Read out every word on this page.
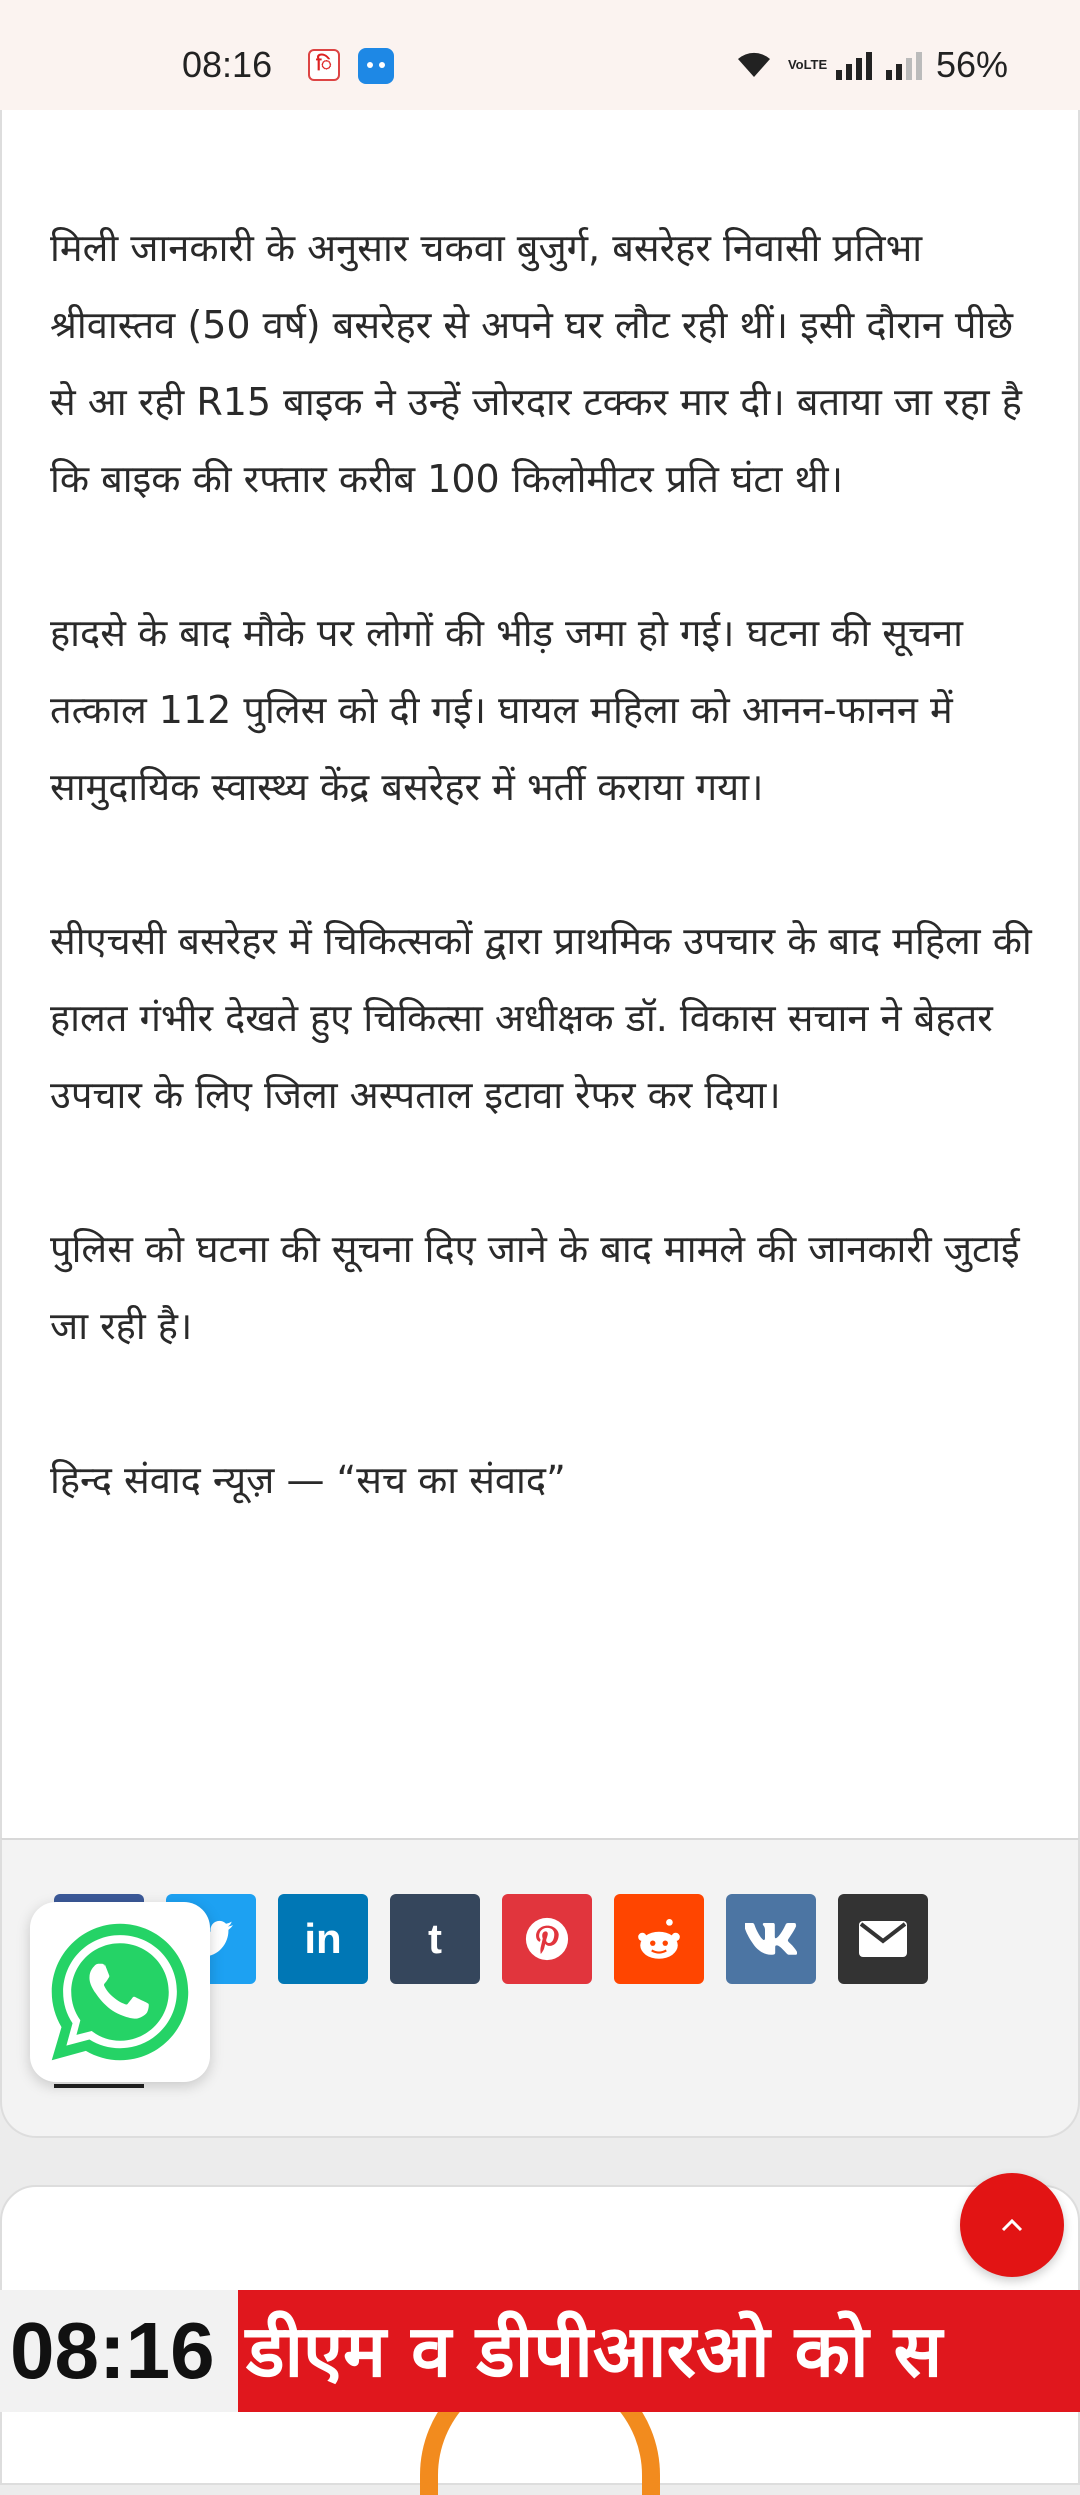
08:16	ि	VoLTE	56%

मिली जानकारी के अनुसार चकवा बुजुर्ग, बसरेहर निवासी प्रतिभा श्रीवास्तव (50 वर्ष) बसरेहर से अपने घर लौट रही थीं। इसी दौरान पीछे से आ रही R15 बाइक ने उन्हें जोरदार टक्कर मार दी। बताया जा रहा है कि बाइक की रफ्तार करीब 100 किलोमीटर प्रति घंटा थी।

हादसे के बाद मौके पर लोगों की भीड़ जमा हो गई। घटना की सूचना तत्काल 112 पुलिस को दी गई। घायल महिला को आनन-फानन में सामुदायिक स्वास्थ्य केंद्र बसरेहर में भर्ती कराया गया।

सीएचसी बसरेहर में चिकित्सकों द्वारा प्राथमिक उपचार के बाद महिला की हालत गंभीर देखते हुए चिकित्सा अधीक्षक डॉ. विकास सचान ने बेहतर उपचार के लिए जिला अस्पताल इटावा रेफर कर दिया।

पुलिस को घटना की सूचना दिए जाने के बाद मामले की जानकारी जुटाई जा रही है।

हिन्द संवाद न्यूज़ — “सच का संवाद”

in t
08:16 डीएम व डीपीआरओ को स
